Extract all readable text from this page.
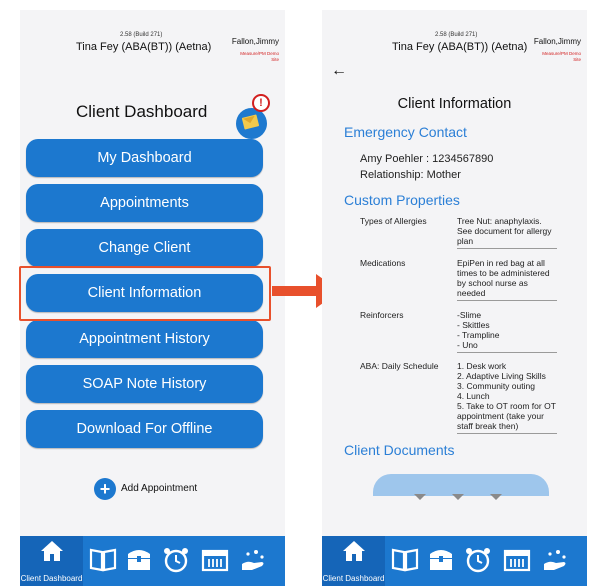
2.58 (Build 271)
Tina Fey (ABA(BT)) (Aetna)	Fallon,Jimmy
Measure/PM Demo Site
Client Dashboard	!
My Dashboard
Appointments
Change Client
Client Information
Appointment History
SOAP Note History
Download For Offline
+	Add Appointment
Client Dashboard
←
2.58 (Build 271)
Tina Fey (ABA(BT)) (Aetna) Fallon,Jimmy
Measure/PM Demo Site
Client Information
Emergency Contact
Amy Poehler : 1234567890
Relationship: Mother
Custom Properties
Types of Allergies	Tree Nut: anaphylaxis. See document for allergy plan
Medications	EpiPen in red bag at all times to be administered by school nurse as needed
Reinforcers	-Slime
- Skittles
- Trampline
- Uno
ABA: Daily Schedule	1. Desk work
2. Adaptive Living Skills
3. Community outing
4. Lunch
5. Take to OT room for OT appointment (take your staff break then)
Client Documents
Client Dashboard
